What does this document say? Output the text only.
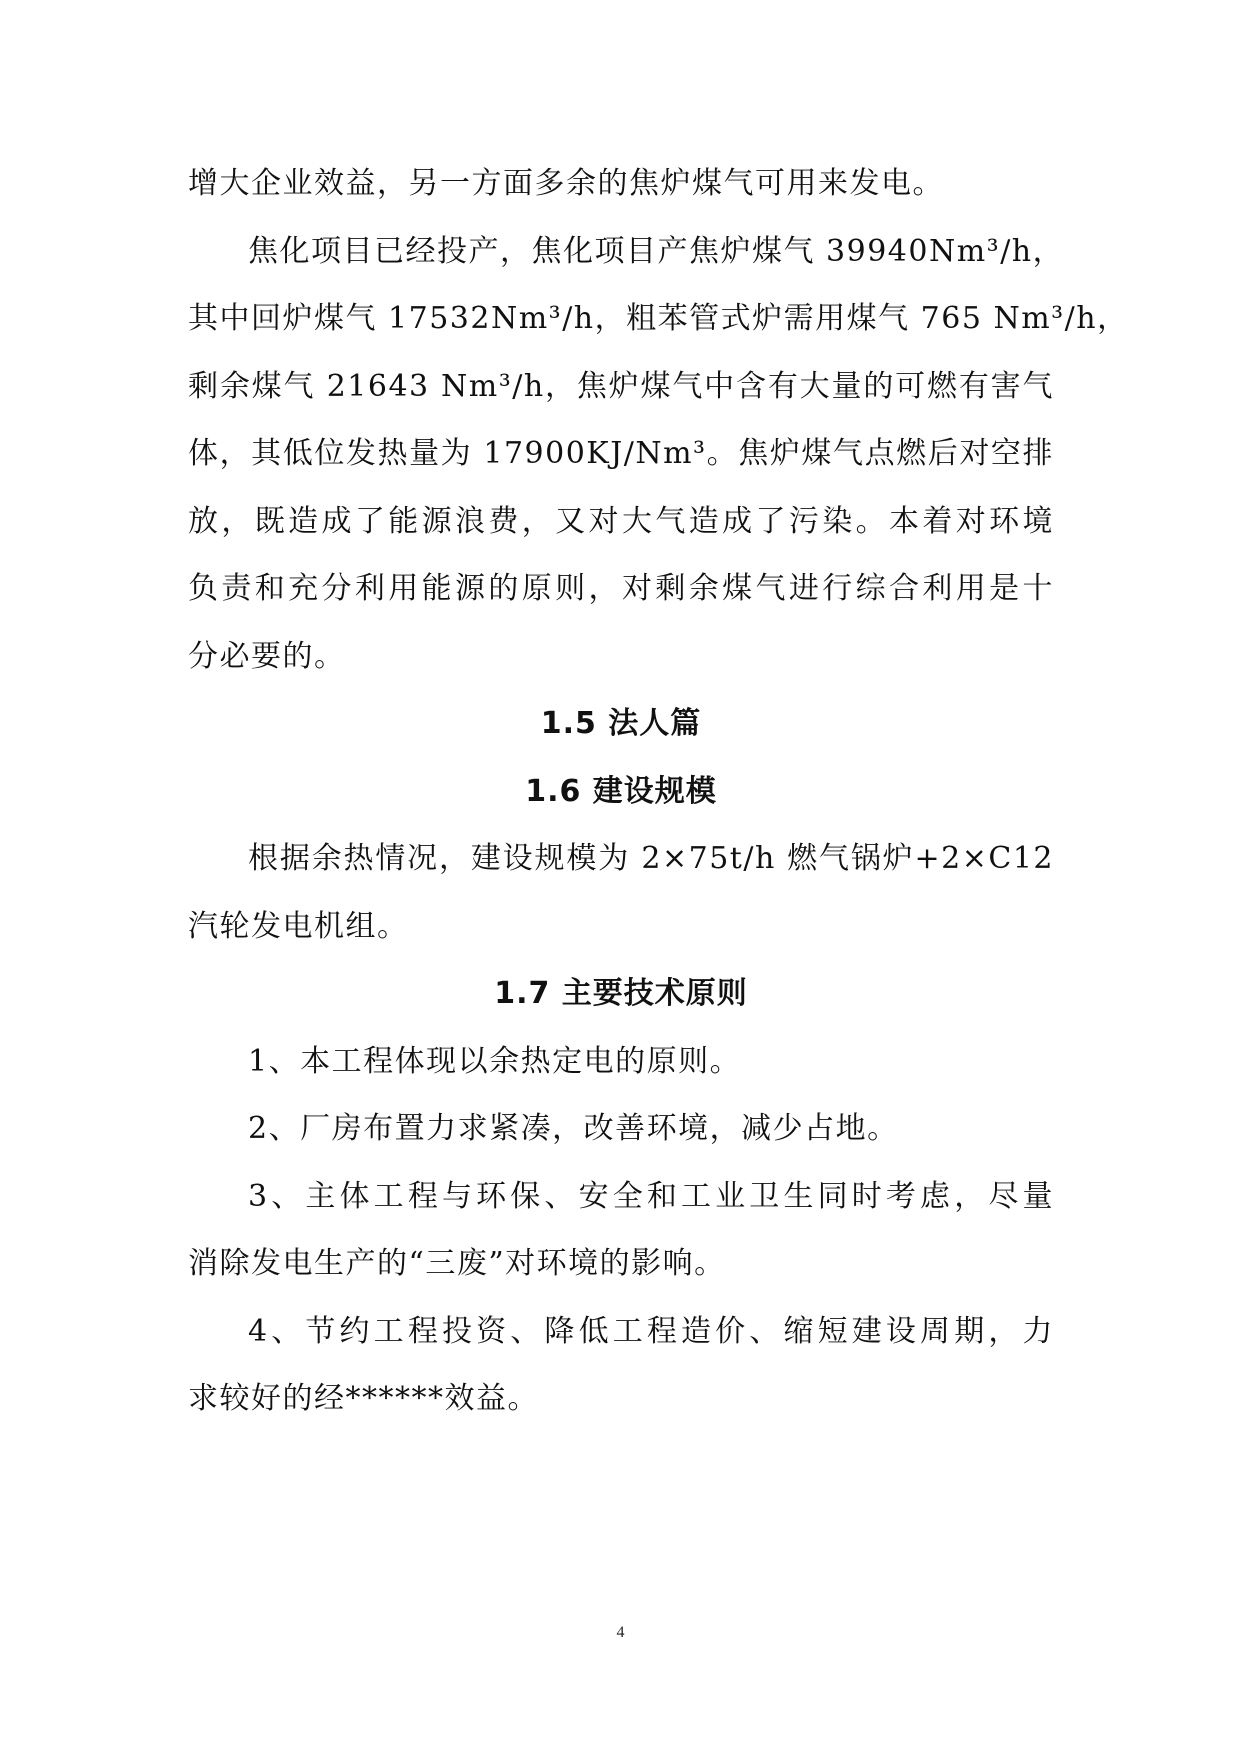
增大企业效益，另一方面多余的焦炉煤气可用来发电。
焦化项目已经投产，焦化项目产焦炉煤气 39940Nm³/h，
其中回炉煤气 17532Nm³/h，粗苯管式炉需用煤气 765 Nm³/h，
剩余煤气 21643 Nm³/h，焦炉煤气中含有大量的可燃有害气
体，其低位发热量为 17900KJ/Nm³。焦炉煤气点燃后对空排
放，既造成了能源浪费，又对大气造成了污染。本着对环境
负责和充分利用能源的原则，对剩余煤气进行综合利用是十
分必要的。
1.5 法人篇
1.6 建设规模
根据余热情况，建设规模为 2×75t/h 燃气锅炉+2×C12
汽轮发电机组。
1.7 主要技术原则
1、本工程体现以余热定电的原则。
2、厂房布置力求紧凑，改善环境，减少占地。
3、主体工程与环保、安全和工业卫生同时考虑，尽量
消除发电生产的“三废”对环境的影响。
4、节约工程投资、降低工程造价、缩短建设周期，力
求较好的经******效益。
4
